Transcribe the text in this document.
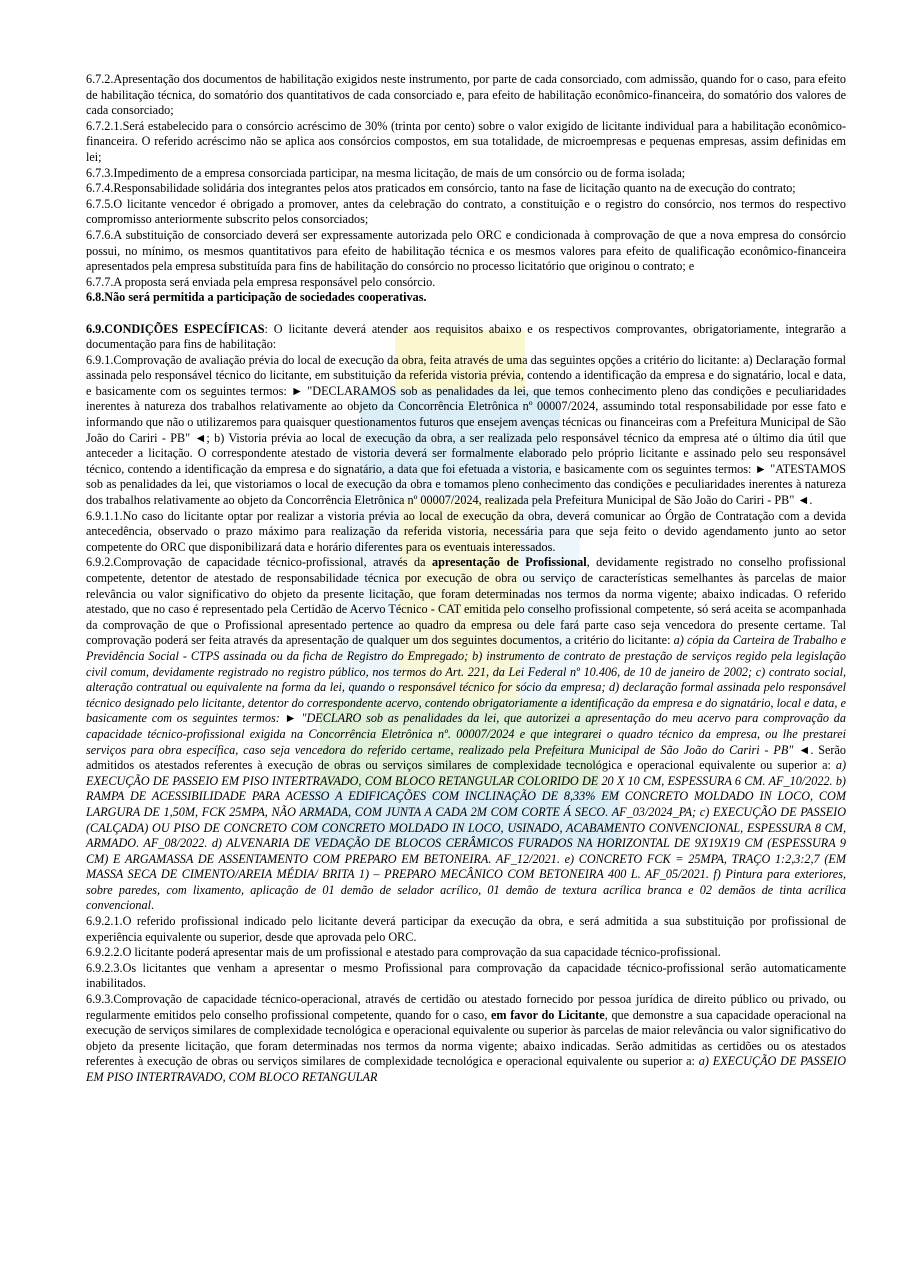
6.7.2.Apresentação dos documentos de habilitação exigidos neste instrumento, por parte de cada consorciado, com admissão, quando for o caso, para efeito de habilitação técnica, do somatório dos quantitativos de cada consorciado e, para efeito de habilitação econômico-financeira, do somatório dos valores de cada consorciado;

6.7.2.1.Será estabelecido para o consórcio acréscimo de 30% (trinta por cento) sobre o valor exigido de licitante individual para a habilitação econômico-financeira. O referido acréscimo não se aplica aos consórcios compostos, em sua totalidade, de microempresas e pequenas empresas, assim definidas em lei;

6.7.3.Impedimento de a empresa consorciada participar, na mesma licitação, de mais de um consórcio ou de forma isolada;

6.7.4.Responsabilidade solidária dos integrantes pelos atos praticados em consórcio, tanto na fase de licitação quanto na de execução do contrato;

6.7.5.O licitante vencedor é obrigado a promover, antes da celebração do contrato, a constituição e o registro do consórcio, nos termos do respectivo compromisso anteriormente subscrito pelos consorciados;

6.7.6.A substituição de consorciado deverá ser expressamente autorizada pelo ORC e condicionada à comprovação de que a nova empresa do consórcio possui, no mínimo, os mesmos quantitativos para efeito de habilitação técnica e os mesmos valores para efeito de qualificação econômico-financeira apresentados pela empresa substituída para fins de habilitação do consórcio no processo licitatório que originou o contrato; e

6.7.7.A proposta será enviada pela empresa responsável pelo consórcio.

6.8.Não será permitida a participação de sociedades cooperativas.

6.9.CONDIÇÕES ESPECÍFICAS: O licitante deverá atender aos requisitos abaixo e os respectivos comprovantes, obrigatoriamente, integrarão a documentação para fins de habilitação:

6.9.1.Comprovação de avaliação prévia do local de execução da obra, feita através de uma das seguintes opções a critério do licitante: a) Declaração formal assinada pelo responsável técnico do licitante, em substituição da referida vistoria prévia, contendo a identificação da empresa e do signatário, local e data, e basicamente com os seguintes termos: ► "DECLARAMOS sob as penalidades da lei, que temos conhecimento pleno das condições e peculiaridades inerentes à natureza dos trabalhos relativamente ao objeto da Concorrência Eletrônica nº 00007/2024, assumindo total responsabilidade por esse fato e informando que não o utilizaremos para quaisquer questionamentos futuros que ensejem avenças técnicas ou financeiras com a Prefeitura Municipal de São João do Cariri - PB" ◄; b) Vistoria prévia ao local de execução da obra, a ser realizada pelo responsável técnico da empresa até o último dia útil que anteceder a licitação. O correspondente atestado de vistoria deverá ser formalmente elaborado pelo próprio licitante e assinado pelo seu responsável técnico, contendo a identificação da empresa e do signatário, a data que foi efetuada a vistoria, e basicamente com os seguintes termos: ► "ATESTAMOS sob as penalidades da lei, que vistoriamos o local de execução da obra e tomamos pleno conhecimento das condições e peculiaridades inerentes à natureza dos trabalhos relativamente ao objeto da Concorrência Eletrônica nº 00007/2024, realizada pela Prefeitura Municipal de São João do Cariri - PB" ◄.

6.9.1.1.No caso do licitante optar por realizar a vistoria prévia ao local de execução da obra, deverá comunicar ao Órgão de Contratação com a devida antecedência, observado o prazo máximo para realização da referida vistoria, necessária para que seja feito o devido agendamento junto ao setor competente do ORC que disponibilizará data e horário diferentes para os eventuais interessados.

6.9.2.Comprovação de capacidade técnico-profissional, através da apresentação de Profissional, devidamente registrado no conselho profissional competente, detentor de atestado de responsabilidade técnica por execução de obra ou serviço de características semelhantes às parcelas de maior relevância ou valor significativo do objeto da presente licitação, que foram determinadas nos termos da norma vigente; abaixo indicadas. O referido atestado, que no caso é representado pela Certidão de Acervo Técnico - CAT emitida pelo conselho profissional competente, só será aceita se acompanhada da comprovação de que o Profissional apresentado pertence ao quadro da empresa ou dele fará parte caso seja vencedora do presente certame. Tal comprovação poderá ser feita através da apresentação de qualquer um dos seguintes documentos, a critério do licitante: a) cópia da Carteira de Trabalho e Previdência Social - CTPS assinada ou da ficha de Registro do Empregado; b) instrumento de contrato de prestação de serviços regido pela legislação civil comum, devidamente registrado no registro público, nos termos do Art. 221, da Lei Federal nº 10.406, de 10 de janeiro de 2002; c) contrato social, alteração contratual ou equivalente na forma da lei, quando o responsável técnico for sócio da empresa; d) declaração formal assinada pelo responsável técnico designado pelo licitante, detentor do correspondente acervo, contendo obrigatoriamente a identificação da empresa e do signatário, local e data, e basicamente com os seguintes termos: ► "DECLARO sob as penalidades da lei, que autorizei a apresentação do meu acervo para comprovação da capacidade técnico-profissional exigida na Concorrência Eletrônica nº. 00007/2024 e que integrarei o quadro técnico da empresa, ou lhe prestarei serviços para obra específica, caso seja vencedora do referido certame, realizado pela Prefeitura Municipal de São João do Cariri - PB" ◄. Serão admitidos os atestados referentes à execução de obras ou serviços similares de complexidade tecnológica e operacional equivalente ou superior a: a) EXECUÇÃO DE PASSEIO EM PISO INTERTRAVADO, COM BLOCO RETANGULAR COLORIDO DE 20 X 10 CM, ESPESSURA 6 CM. AF_10/2022. b) RAMPA DE ACESSIBILIDADE PARA ACESSO A EDIFICAÇÕES COM INCLINAÇÃO DE 8,33% EM CONCRETO MOLDADO IN LOCO, COM LARGURA DE 1,50M, FCK 25MPA, NÃO ARMADA, COM JUNTA A CADA 2M COM CORTE Á SECO. AF_03/2024_PA; c) EXECUÇÃO DE PASSEIO (CALÇADA) OU PISO DE CONCRETO COM CONCRETO MOLDADO IN LOCO, USINADO, ACABAMENTO CONVENCIONAL, ESPESSURA 8 CM, ARMADO. AF_08/2022. d) ALVENARIA DE VEDAÇÃO DE BLOCOS CERÂMICOS FURADOS NA HORIZONTAL DE 9X19X19 CM (ESPESSURA 9 CM) E ARGAMASSA DE ASSENTAMENTO COM PREPARO EM BETONEIRA. AF_12/2021. e) CONCRETO FCK = 25MPA, TRAÇO 1:2,3:2,7 (EM MASSA SECA DE CIMENTO/AREIA MÉDIA/ BRITA 1) – PREPARO MECÂNICO COM BETONEIRA 400 L. AF_05/2021. f) Pintura para exteriores, sobre paredes, com lixamento, aplicação de 01 demão de selador acrílico, 01 demão de textura acrílica branca e 02 demãos de tinta acrílica convencional.

6.9.2.1.O referido profissional indicado pelo licitante deverá participar da execução da obra, e será admitida a sua substituição por profissional de experiência equivalente ou superior, desde que aprovada pelo ORC.

6.9.2.2.O licitante poderá apresentar mais de um profissional e atestado para comprovação da sua capacidade técnico-profissional.

6.9.2.3.Os licitantes que venham a apresentar o mesmo Profissional para comprovação da capacidade técnico-profissional serão automaticamente inabilitados.

6.9.3.Comprovação de capacidade técnico-operacional, através de certidão ou atestado fornecido por pessoa jurídica de direito público ou privado, ou regularmente emitidos pelo conselho profissional competente, quando for o caso, em favor do Licitante, que demonstre a sua capacidade operacional na execução de serviços similares de complexidade tecnológica e operacional equivalente ou superior às parcelas de maior relevância ou valor significativo do objeto da presente licitação, que foram determinadas nos termos da norma vigente; abaixo indicadas. Serão admitidas as certidões ou os atestados referentes à execução de obras ou serviços similares de complexidade tecnológica e operacional equivalente ou superior a: a) EXECUÇÃO DE PASSEIO EM PISO INTERTRAVADO, COM BLOCO RETANGULAR
